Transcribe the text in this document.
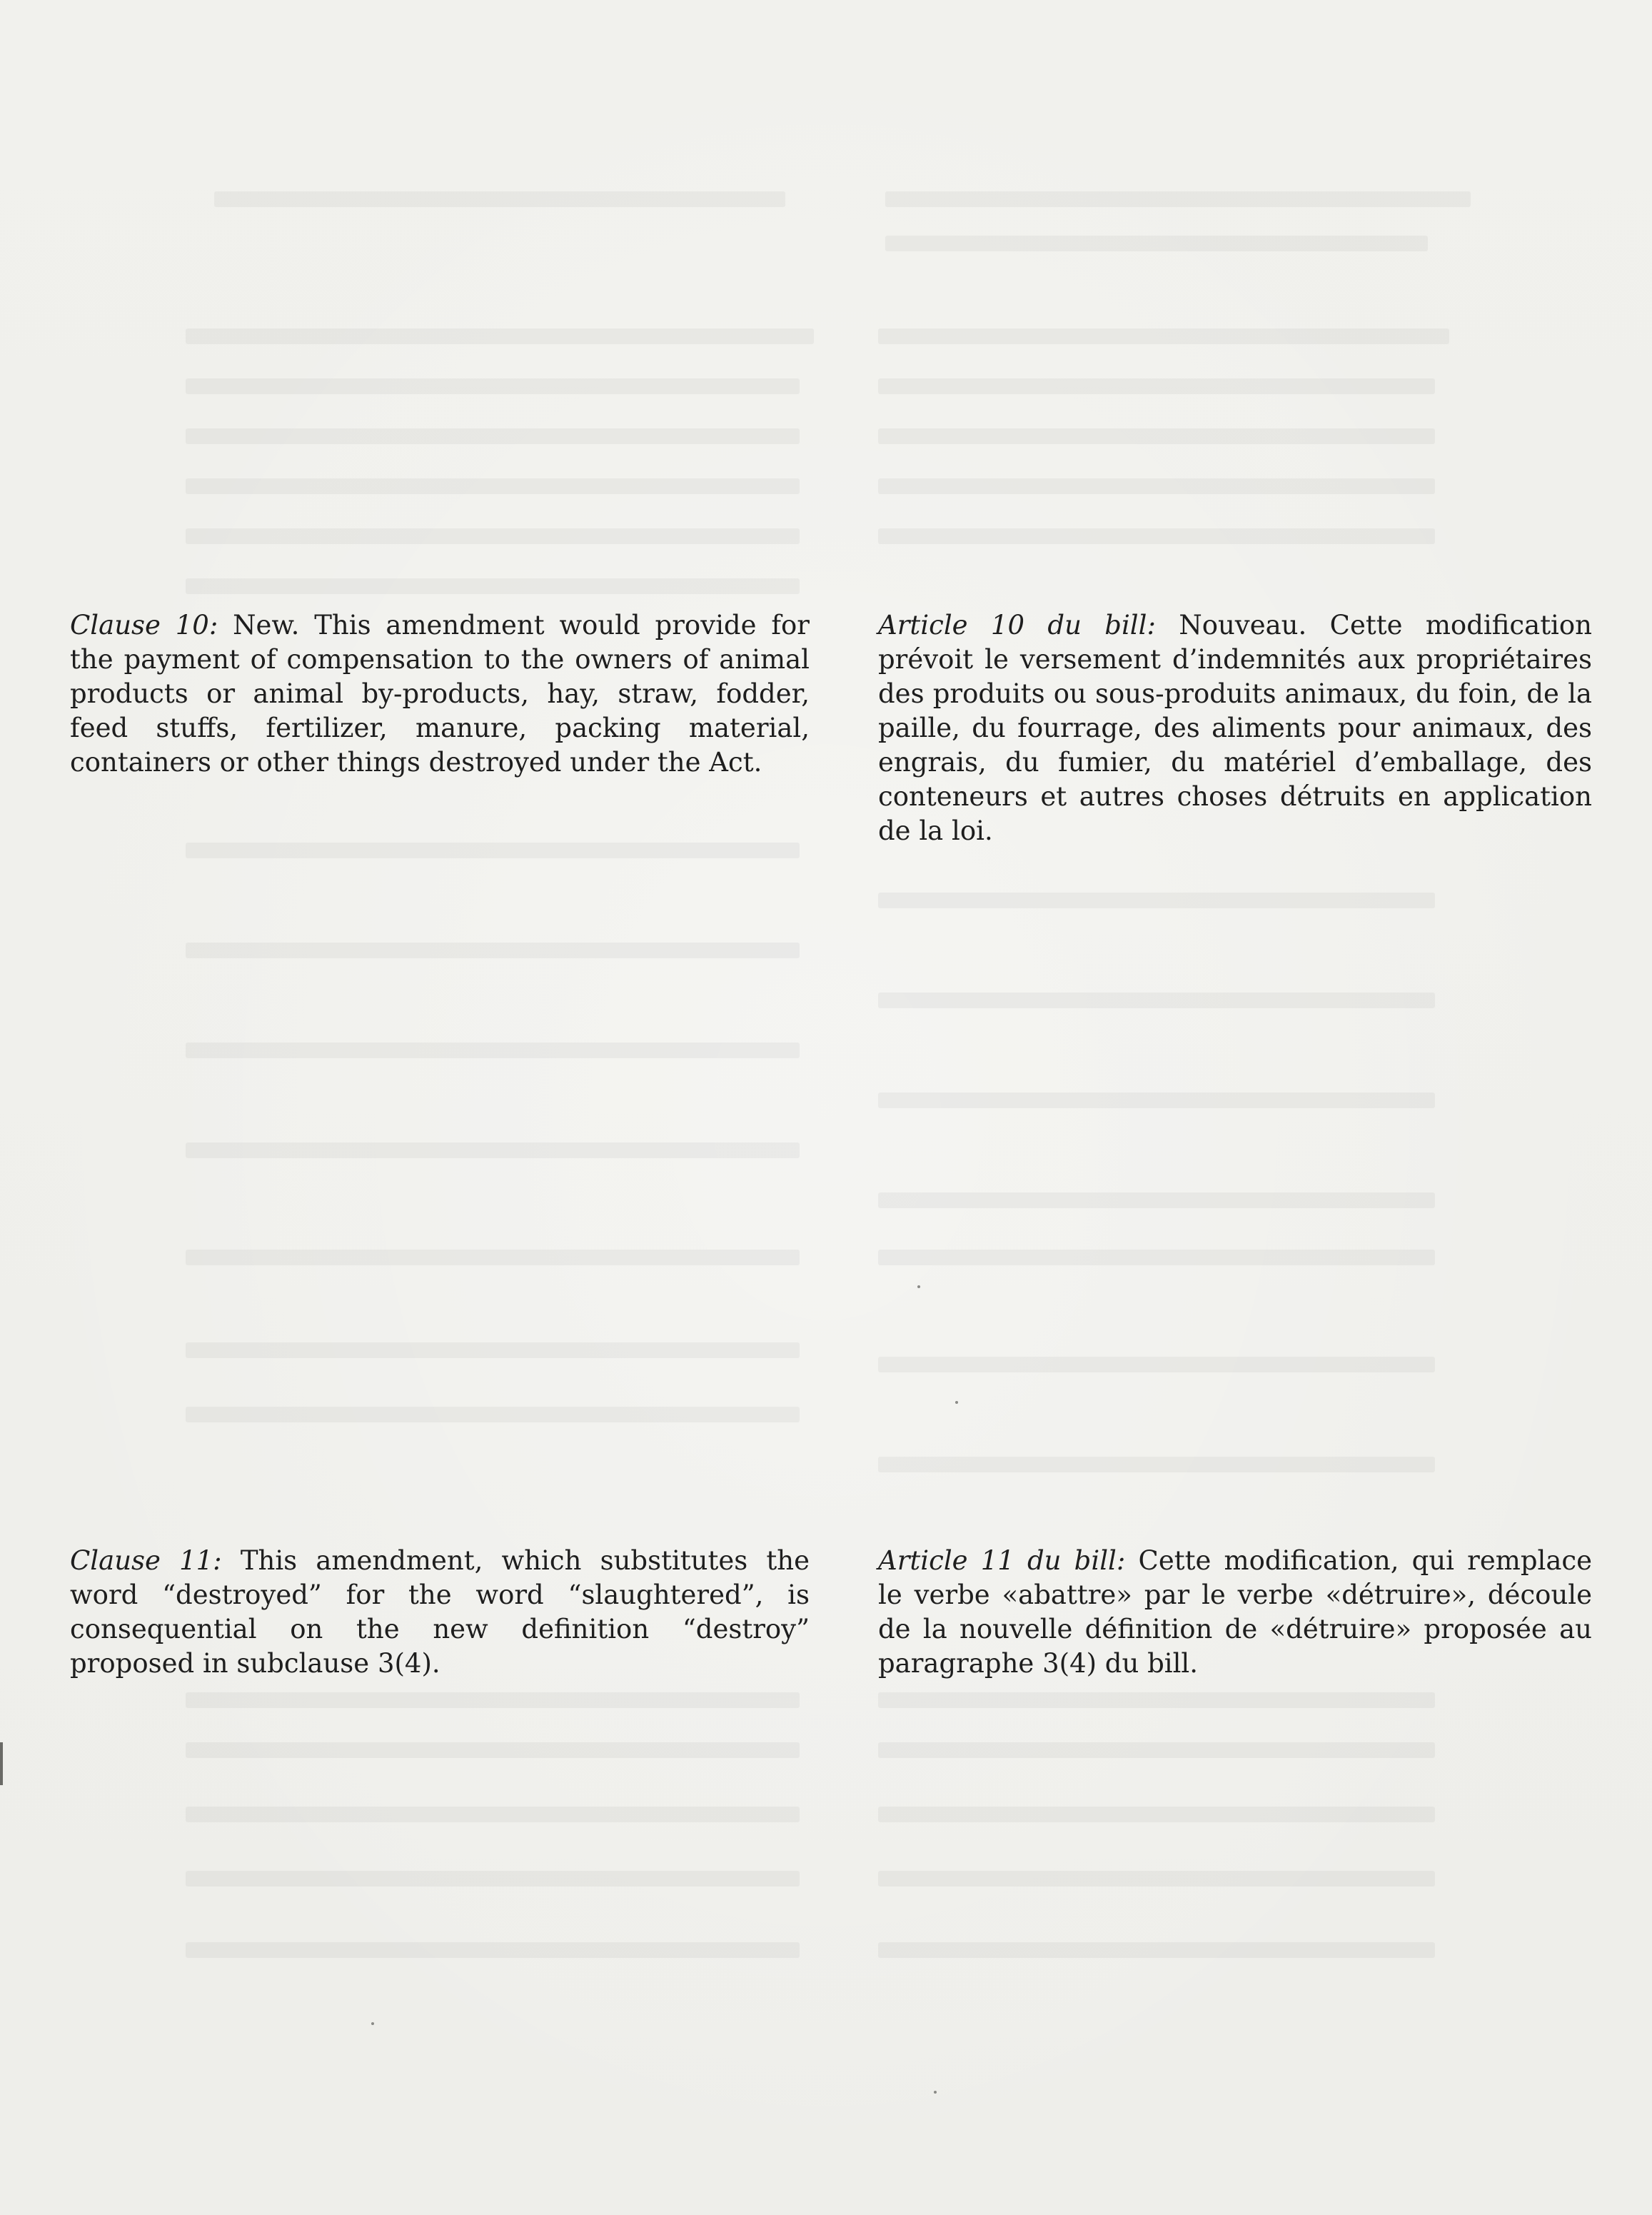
Clause 10: New. This amendment would provide for the payment of compensation to the owners of animal products or animal by-products, hay, straw, fodder, feed stuffs, fertilizer, manure, packing material, containers or other things destroyed under the Act.
Article 10 du bill: Nouveau. Cette modification prévoit le versement d’indemnités aux propriétaires des produits ou sous-produits animaux, du foin, de la paille, du fourrage, des aliments pour animaux, des engrais, du fumier, du matériel d’emballage, des conteneurs et autres choses détruits en application de la loi.
Clause 11: This amendment, which substitutes the word “destroyed” for the word “slaughtered”, is consequential on the new definition “destroy” proposed in subclause 3(4).
Article 11 du bill: Cette modification, qui remplace le verbe «abattre» par le verbe «détruire», découle de la nouvelle définition de «détruire» proposée au paragraphe 3(4) du bill.
